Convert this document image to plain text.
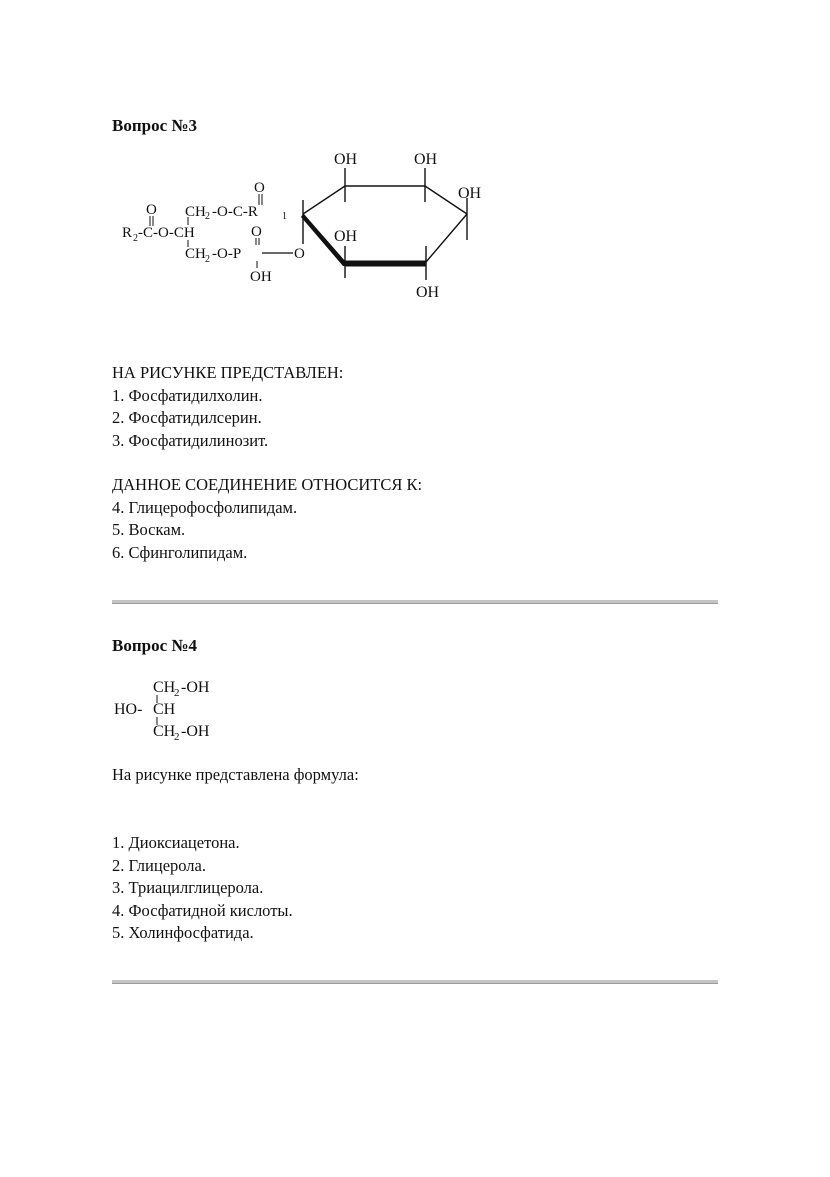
Вопрос №3
OH	OH
OH
OH
OH
O
CH 2 -O-C-R 1
O
R 2 -C-O-CH
CH 2 -O-P
O
OH
O
НА РИСУНКЕ ПРЕДСТАВЛЕН:
1. Фосфатидилхолин.
2. Фосфатидилсерин.
3. Фосфатидилинозит.
ДАННОЕ СОЕДИНЕНИЕ ОТНОСИТСЯ К:
4. Глицерофосфолипидам.
5. Воскам.
6. Сфинголипидам.
Вопрос №4
CH
2 -OH
HO- CH
CH
2 -OH
На рисунке представлена формула:
1. Диоксиацетона.
2. Глицерола.
3. Триацилглицерола.
4. Фосфатидной кислоты.
5. Холинфосфатида.
